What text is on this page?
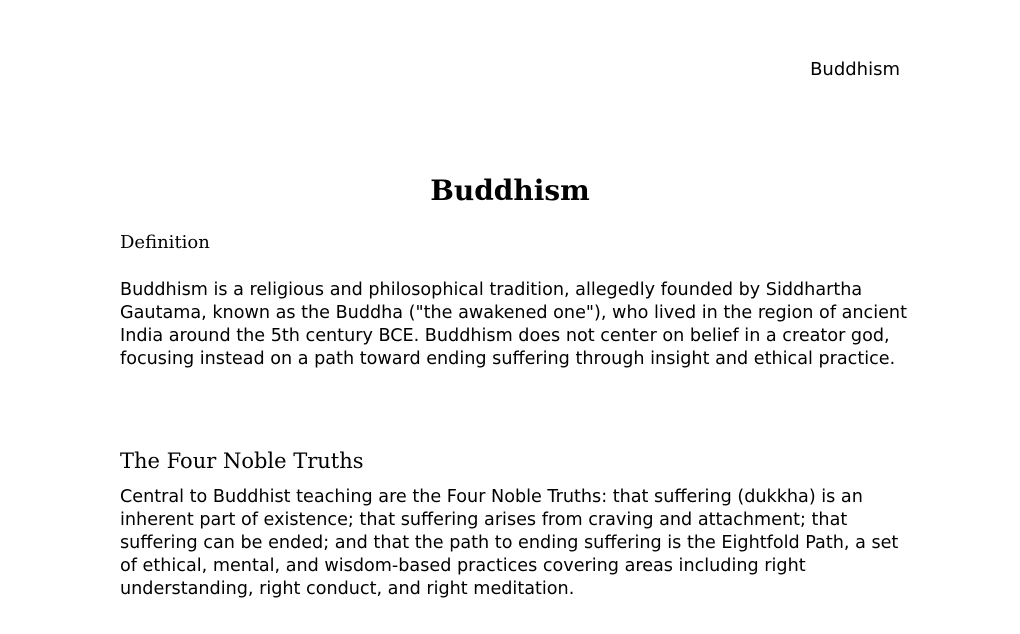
Buddhism
Buddhism
Definition

Buddhism is a religious and philosophical tradition, allegedly founded by Siddhartha Gautama, known as the Buddha ("the awakened one"), who lived in the region of ancient India around the 5th century BCE. Buddhism does not center on belief in a creator god, focusing instead on a path toward ending suffering through insight and ethical practice.

The Four Noble Truths

Central to Buddhist teaching are the Four Noble Truths: that suffering (dukkha) is an inherent part of existence; that suffering arises from craving and attachment; that suffering can be ended; and that the path to ending suffering is the Eightfold Path, a set of ethical, mental, and wisdom-based practices covering areas including right understanding, right conduct, and right meditation.
